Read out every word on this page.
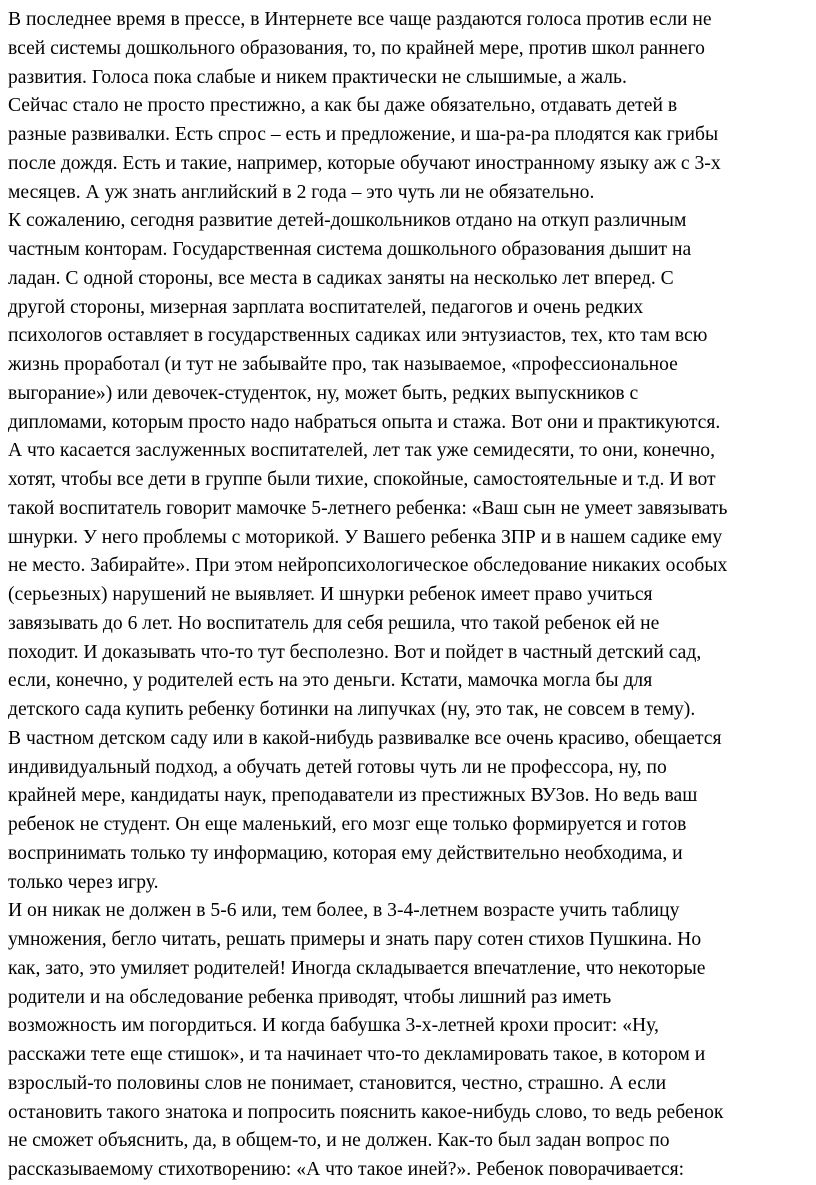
В последнее время в прессе, в Интернете все чаще раздаются голоса против если не
всей системы дошкольного образования, то, по крайней мере, против школ раннего
развития. Голоса пока слабые и никем практически не слышимые, а жаль.
Сейчас стало не просто престижно, а как бы даже обязательно, отдавать детей в
разные развивалки. Есть спрос – есть и предложение, и ша-ра-ра плодятся как грибы
после дождя. Есть и такие, например, которые обучают иностранному языку аж с 3-х
месяцев. А уж знать английский в 2 года – это чуть ли не обязательно.
К сожалению, сегодня развитие детей-дошкольников отдано на откуп различным
частным конторам. Государственная система дошкольного образования дышит на
ладан. С одной стороны, все места в садиках заняты на несколько лет вперед. С
другой стороны, мизерная зарплата воспитателей, педагогов и очень редких
психологов оставляет в государственных садиках или энтузиастов, тех, кто там всю
жизнь проработал (и тут не забывайте про, так называемое, «профессиональное
выгорание») или девочек-студенток, ну, может быть, редких выпускников с
дипломами, которым просто надо набраться опыта и стажа. Вот они и практикуются.
А что касается заслуженных воспитателей, лет так уже семидесяти, то они, конечно,
хотят, чтобы все дети в группе были тихие, спокойные, самостоятельные и т.д. И вот
такой воспитатель говорит мамочке 5-летнего ребенка: «Ваш сын не умеет завязывать
шнурки. У него проблемы с моторикой. У Вашего ребенка ЗПР и в нашем садике ему
не место. Забирайте». При этом нейропсихологическое обследование никаких особых
(серьезных) нарушений не выявляет. И шнурки ребенок имеет право учиться
завязывать до 6 лет. Но воспитатель для себя решила, что такой ребенок ей не
походит. И доказывать что-то тут бесполезно. Вот и пойдет в частный детский сад,
если, конечно, у родителей есть на это деньги. Кстати, мамочка могла бы для
детского сада купить ребенку ботинки на липучках (ну, это так, не совсем в тему).
В частном детском саду или в какой-нибудь развивалке все очень красиво, обещается
индивидуальный подход, а обучать детей готовы чуть ли не профессора, ну, по
крайней мере, кандидаты наук, преподаватели из престижных ВУЗов. Но ведь ваш
ребенок не студент. Он еще маленький, его мозг еще только формируется и готов
воспринимать только ту информацию, которая ему действительно необходима, и
только через игру.
И он никак не должен в 5-6 или, тем более, в 3-4-летнем возрасте учить таблицу
умножения, бегло читать, решать примеры и знать пару сотен стихов Пушкина. Но
как, зато, это умиляет родителей! Иногда складывается впечатление, что некоторые
родители и на обследование ребенка приводят, чтобы лишний раз иметь
возможность им погордиться. И когда бабушка 3-х-летней крохи просит: «Ну,
расскажи тете еще стишок», и та начинает что-то декламировать такое, в котором и
взрослый-то половины слов не понимает, становится, честно, страшно. А если
остановить такого знатока и попросить пояснить какое-нибудь слово, то ведь ребенок
не сможет объяснить, да, в общем-то, и не должен. Как-то был задан вопрос по
рассказываемому стихотворению: «А что такое иней?». Ребенок поворачивается:
